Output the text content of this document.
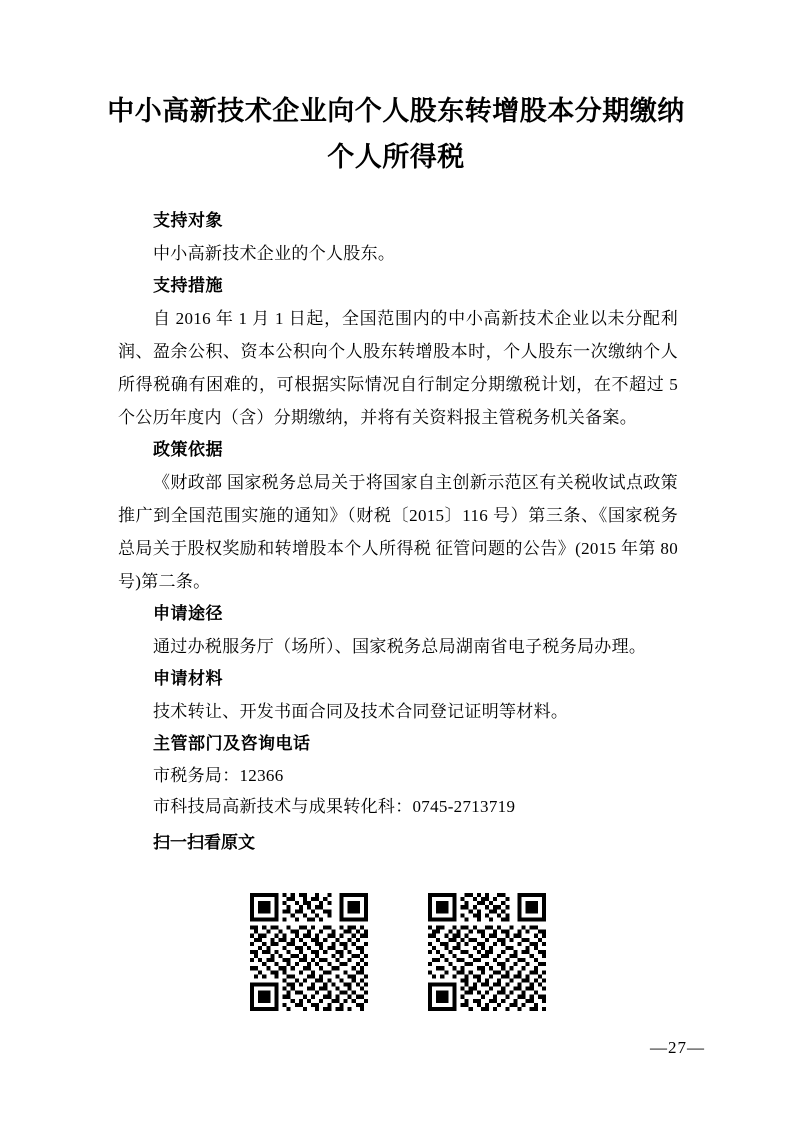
中小高新技术企业向个人股东转增股本分期缴纳个人所得税
支持对象
中小高新技术企业的个人股东。
支持措施
自 2016 年 1 月 1 日起，全国范围内的中小高新技术企业以未分配利润、盈余公积、资本公积向个人股东转增股本时，个人股东一次缴纳个人所得税确有困难的，可根据实际情况自行制定分期缴税计划，在不超过 5 个公历年度内（含）分期缴纳，并将有关资料报主管税务机关备案。
政策依据
《财政部 国家税务总局关于将国家自主创新示范区有关税收试点政策推广到全国范围实施的通知》（财税〔2015〕116 号）第三条、《国家税务总局关于股权奖励和转增股本个人所得税 征管问题的公告》(2015 年第 80 号)第二条。
申请途径
通过办税服务厅（场所）、国家税务总局湖南省电子税务局办理。
申请材料
技术转让、开发书面合同及技术合同登记证明等材料。
主管部门及咨询电话
市税务局：12366
市科技局高新技术与成果转化科：0745-2713719
扫一扫看原文
—27—
